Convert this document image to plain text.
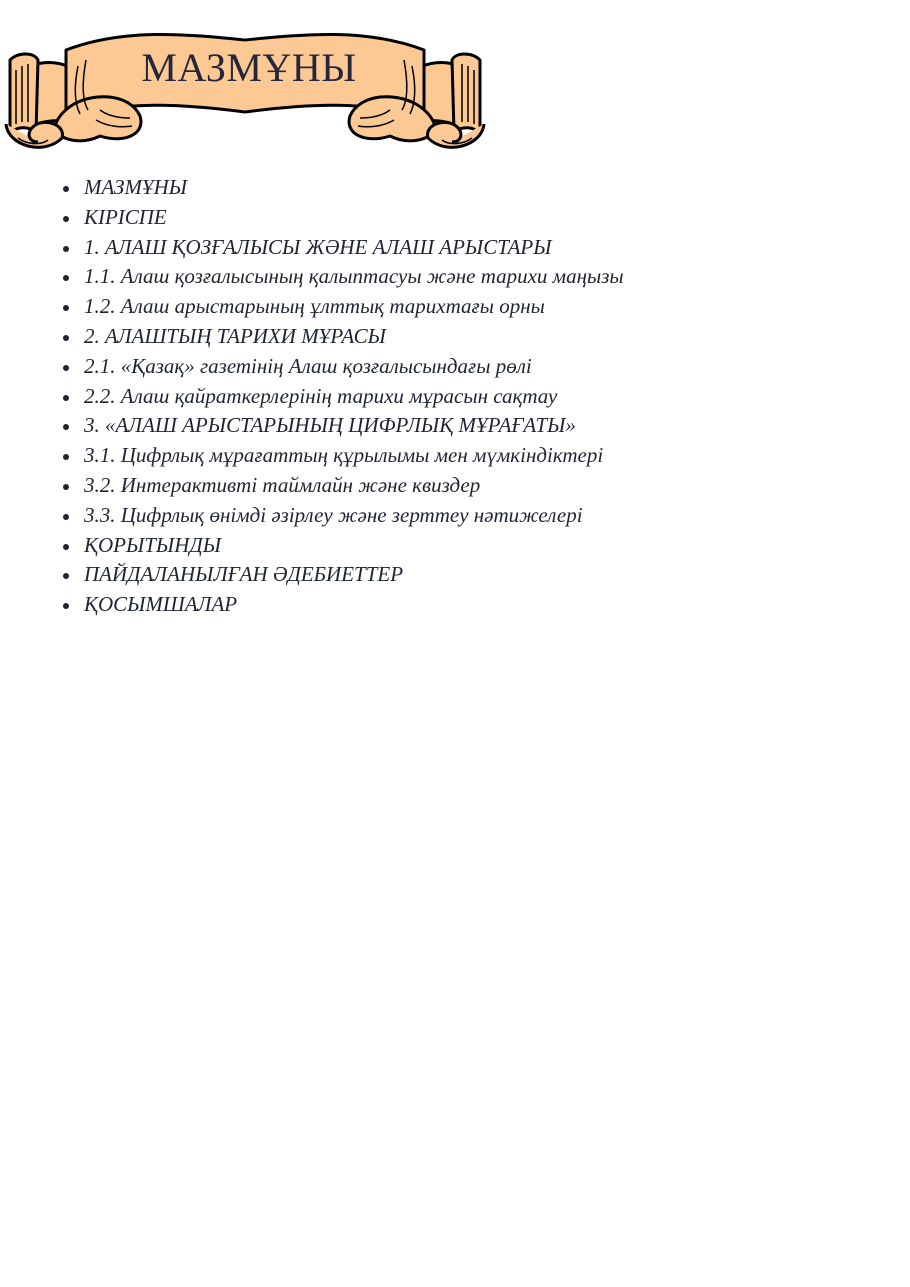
МАЗМҰНЫ
МАЗМҰНЫ
КІРІСПЕ
1. АЛАШ ҚОЗҒАЛЫСЫ ЖӘНЕ АЛАШ АРЫСТАРЫ
1.1. Алаш қозғалысының қалыптасуы және тарихи маңызы
1.2. Алаш арыстарының ұлттық тарихтағы орны
2. АЛАШТЫҢ ТАРИХИ МҰРАСЫ
2.1. «Қазақ» газетінің Алаш қозғалысындағы рөлі
2.2. Алаш қайраткерлерінің тарихи мұрасын сақтау
3. «АЛАШ АРЫСТАРЫНЫҢ ЦИФРЛЫҚ МҰРАҒАТЫ»
3.1. Цифрлық мұрағаттың құрылымы мен мүмкіндіктері
3.2. Интерактивті таймлайн және квиздер
3.3. Цифрлық өнімді әзірлеу және зерттеу нәтижелері
ҚОРЫТЫНДЫ
ПАЙДАЛАНЫЛҒАН ӘДЕБИЕТТЕР
ҚОСЫМШАЛАР
